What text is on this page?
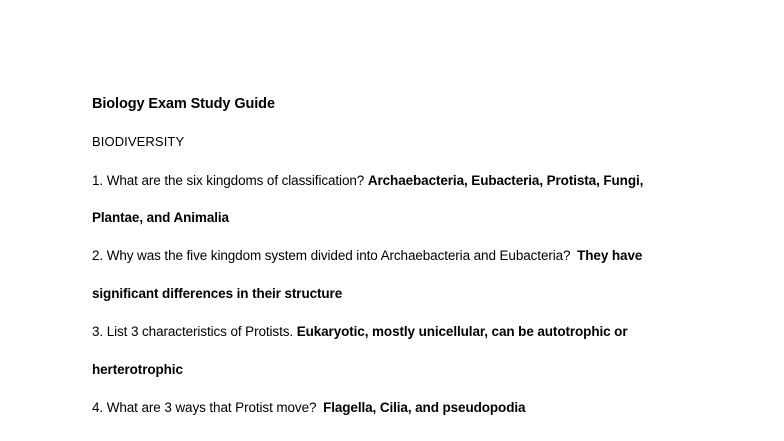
Biology Exam Study Guide
BIODIVERSITY
1. What are the six kingdoms of classification? Archaebacteria, Eubacteria, Protista, Fungi,
Plantae, and Animalia
2. Why was the five kingdom system divided into Archaebacteria and Eubacteria? They have
significant differences in their structure
3. List 3 characteristics of Protists. Eukaryotic, mostly unicellular, can be autotrophic or
herterotrophic
4. What are 3 ways that Protist move? Flagella, Cilia, and pseudopodia
